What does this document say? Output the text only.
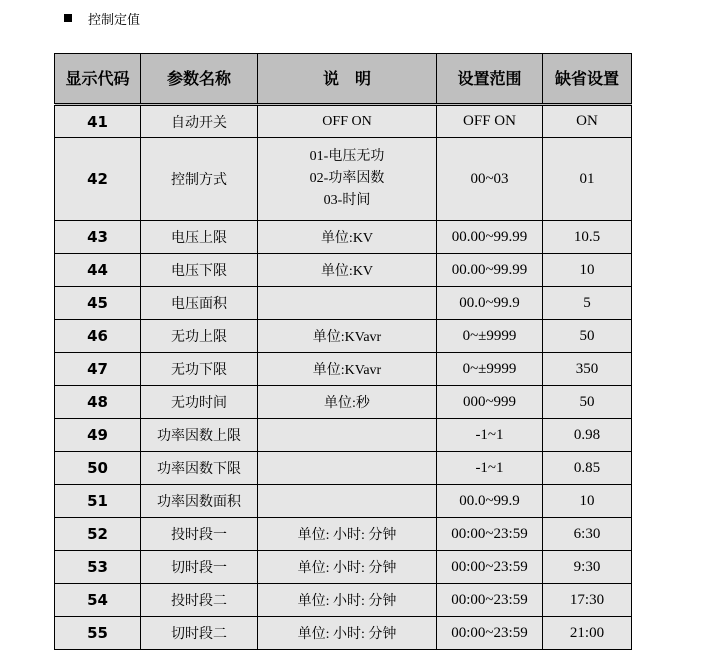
控制定值
显示代码	参数名称	说　明	设置范围	缺省设置
41	自动开关	OFF ON	OFF ON	ON
42	控制方式	01-电压无功
02-功率因数
03-时间	00~03	01
43	电压上限	单位:KV	00.00~99.99	10.5
44	电压下限	单位:KV	00.00~99.99	10
45	电压面积		00.0~99.9	5
46	无功上限	单位:KVavr	0~±9999	50
47	无功下限	单位:KVavr	0~±9999	350
48	无功时间	单位:秒	000~999	50
49	功率因数上限		-1~1	0.98
50	功率因数下限		-1~1	0.85
51	功率因数面积		00.0~99.9	10
52	投时段一	单位: 小时: 分钟	00:00~23:59	6:30
53	切时段一	单位: 小时: 分钟	00:00~23:59	9:30
54	投时段二	单位: 小时: 分钟	00:00~23:59	17:30
55	切时段二	单位: 小时: 分钟	00:00~23:59	21:00
